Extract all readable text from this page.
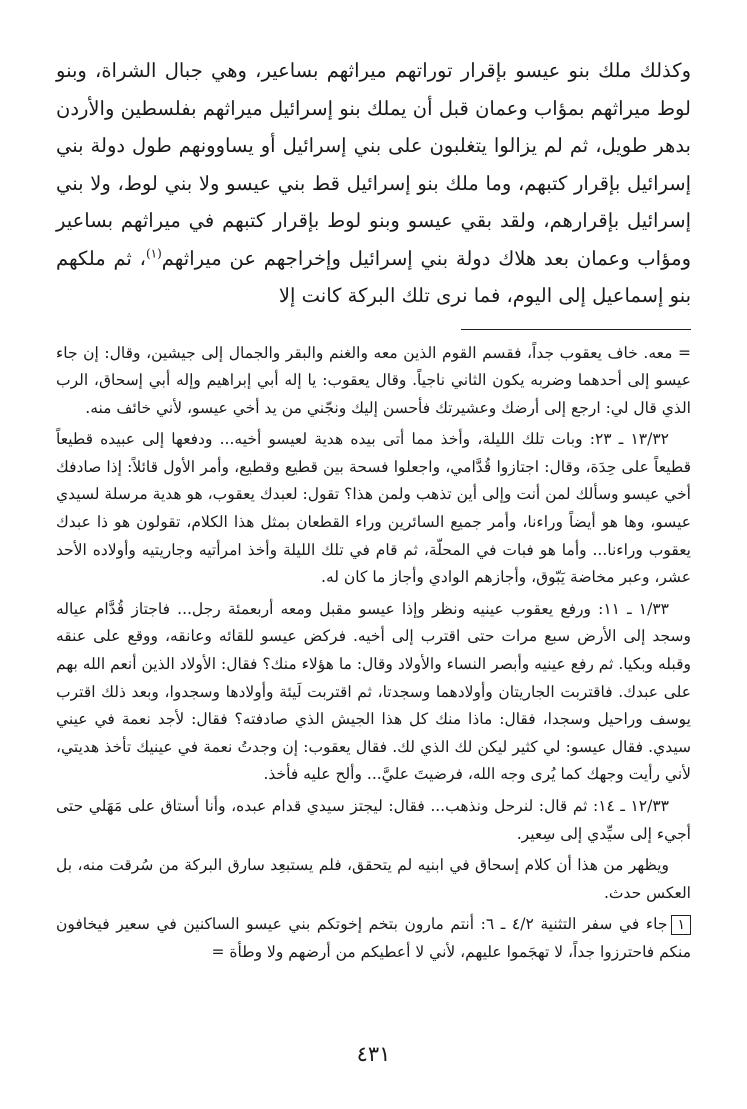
وكذلك ملك بنو عيسو بإقرار توراتهم ميراثهم بساعير، وهي جبال الشراة، وبنو لوط ميراثهم بمؤاب وعمان قبل أن يملك بنو إسرائيل ميراثهم بفلسطين والأردن بدهر طويل، ثم لم يزالوا يتغلبون على بني إسرائيل أو يساوونهم طول دولة بني إسرائيل بإقرار كتبهم، وما ملك بنو إسرائيل قط بني عيسو ولا بني لوط، ولا بني إسرائيل بإقرارهم، ولقد بقي عيسو وبنو لوط بإقرار كتبهم في ميراثهم بساعير ومؤاب وعمان بعد هلاك دولة بني إسرائيل وإخراجهم عن ميراثهم$^{(١)}$، ثم ملكهم بنو إسماعيل إلى اليوم، فما نرى تلك البركة كانت إلا

= معه. خاف يعقوب جداً، فقسم القوم الذين معه والغنم والبقر والجمال إلى جيشين، وقال: إن جاء عيسو إلى أحدهما وضربه يكون الثاني ناجياً. وقال يعقوب: يا إله أبي إبراهيم وإله أبي إسحاق، الرب الذي قال لي: ارجع إلى أرضك وعشيرتك فأحسن إليك ونجّني من يد أخي عيسو، لأني خائف منه.

١٣/٣٢ ـ ٢٣: وبات تلك الليلة، وأخذ مما أتى بيده هدية لعيسو أخيه... ودفعها إلى عبيده قطيعاً قطيعاً على حِدَة، وقال: اجتازوا قُدَّامي، واجعلوا فسحة بين قطيع وقطيع، وأمر الأول قائلاً: إذا صادفك أخي عيسو وسألك لمن أنت وإلى أين تذهب ولمن هذا؟ تقول: لعبدك يعقوب، هو هدية مرسلة لسيدي عيسو، وها هو أيضاً وراءنا، وأمر جميع السائرين وراء القطعان بمثل هذا الكلام، تقولون هو ذا عبدك يعقوب وراءنا... وأما هو فبات في المحلّة، ثم قام في تلك الليلة وأخذ امرأتيه وجاريتيه وأولاده الأحد عشر، وعبر مخاضة يَبّوق، وأجازهم الوادي وأجاز ما كان له.

١/٣٣ ـ ١١: ورفع يعقوب عينيه ونظر وإذا عيسو مقبل ومعه أربعمئة رجل... فاجتاز قُدَّام عياله وسجد إلى الأرض سبع مرات حتى اقترب إلى أخيه. فركض عيسو للقائه وعانقه، ووقع على عنقه وقبله وبكيا. ثم رفع عينيه وأبصر النساء والأولاد وقال: ما هؤلاء منك؟ فقال: الأولاد الذين أنعم الله بهم على عبدك. فاقتربت الجاريتان وأولادهما وسجدتا، ثم اقتربت لَيئة وأولادها وسجدوا، وبعد ذلك اقترب يوسف وراحيل وسجدا، فقال: ماذا منك كل هذا الجيش الذي صادفته؟ فقال: لأجد نعمة في عيني سيدي. فقال عيسو: لي كثير ليكن لك الذي لك. فقال يعقوب: إن وجدتُ نعمة في عينيك تأخذ هديتي، لأني رأيت وجهك كما يُرى وجه الله، فرضيتَ عليَّ... وألح عليه فأخذ.

١٢/٣٣ ـ ١٤: ثم قال: لنرحل ونذهب... فقال: ليجتز سيدي قدام عبده، وأنا أستاق على مَهَلي حتى أجيء إلى سيِّدي إلى سِعير.

ويظهر من هذا أن كلام إسحاق في ابنيه لم يتحقق، فلم يستبعِد سارق البركة من سُرقت منه، بل العكس حدث.

١جاء في سفر التثنية ٤/٢ ـ ٦: أنتم مارون بتخم إخوتكم بني عيسو الساكنين في سعير فيخافون منكم فاحترزوا جداً، لا تهجَموا عليهم، لأني لا أعطيكم من أرضهم ولا وطأة =

٤٣١
